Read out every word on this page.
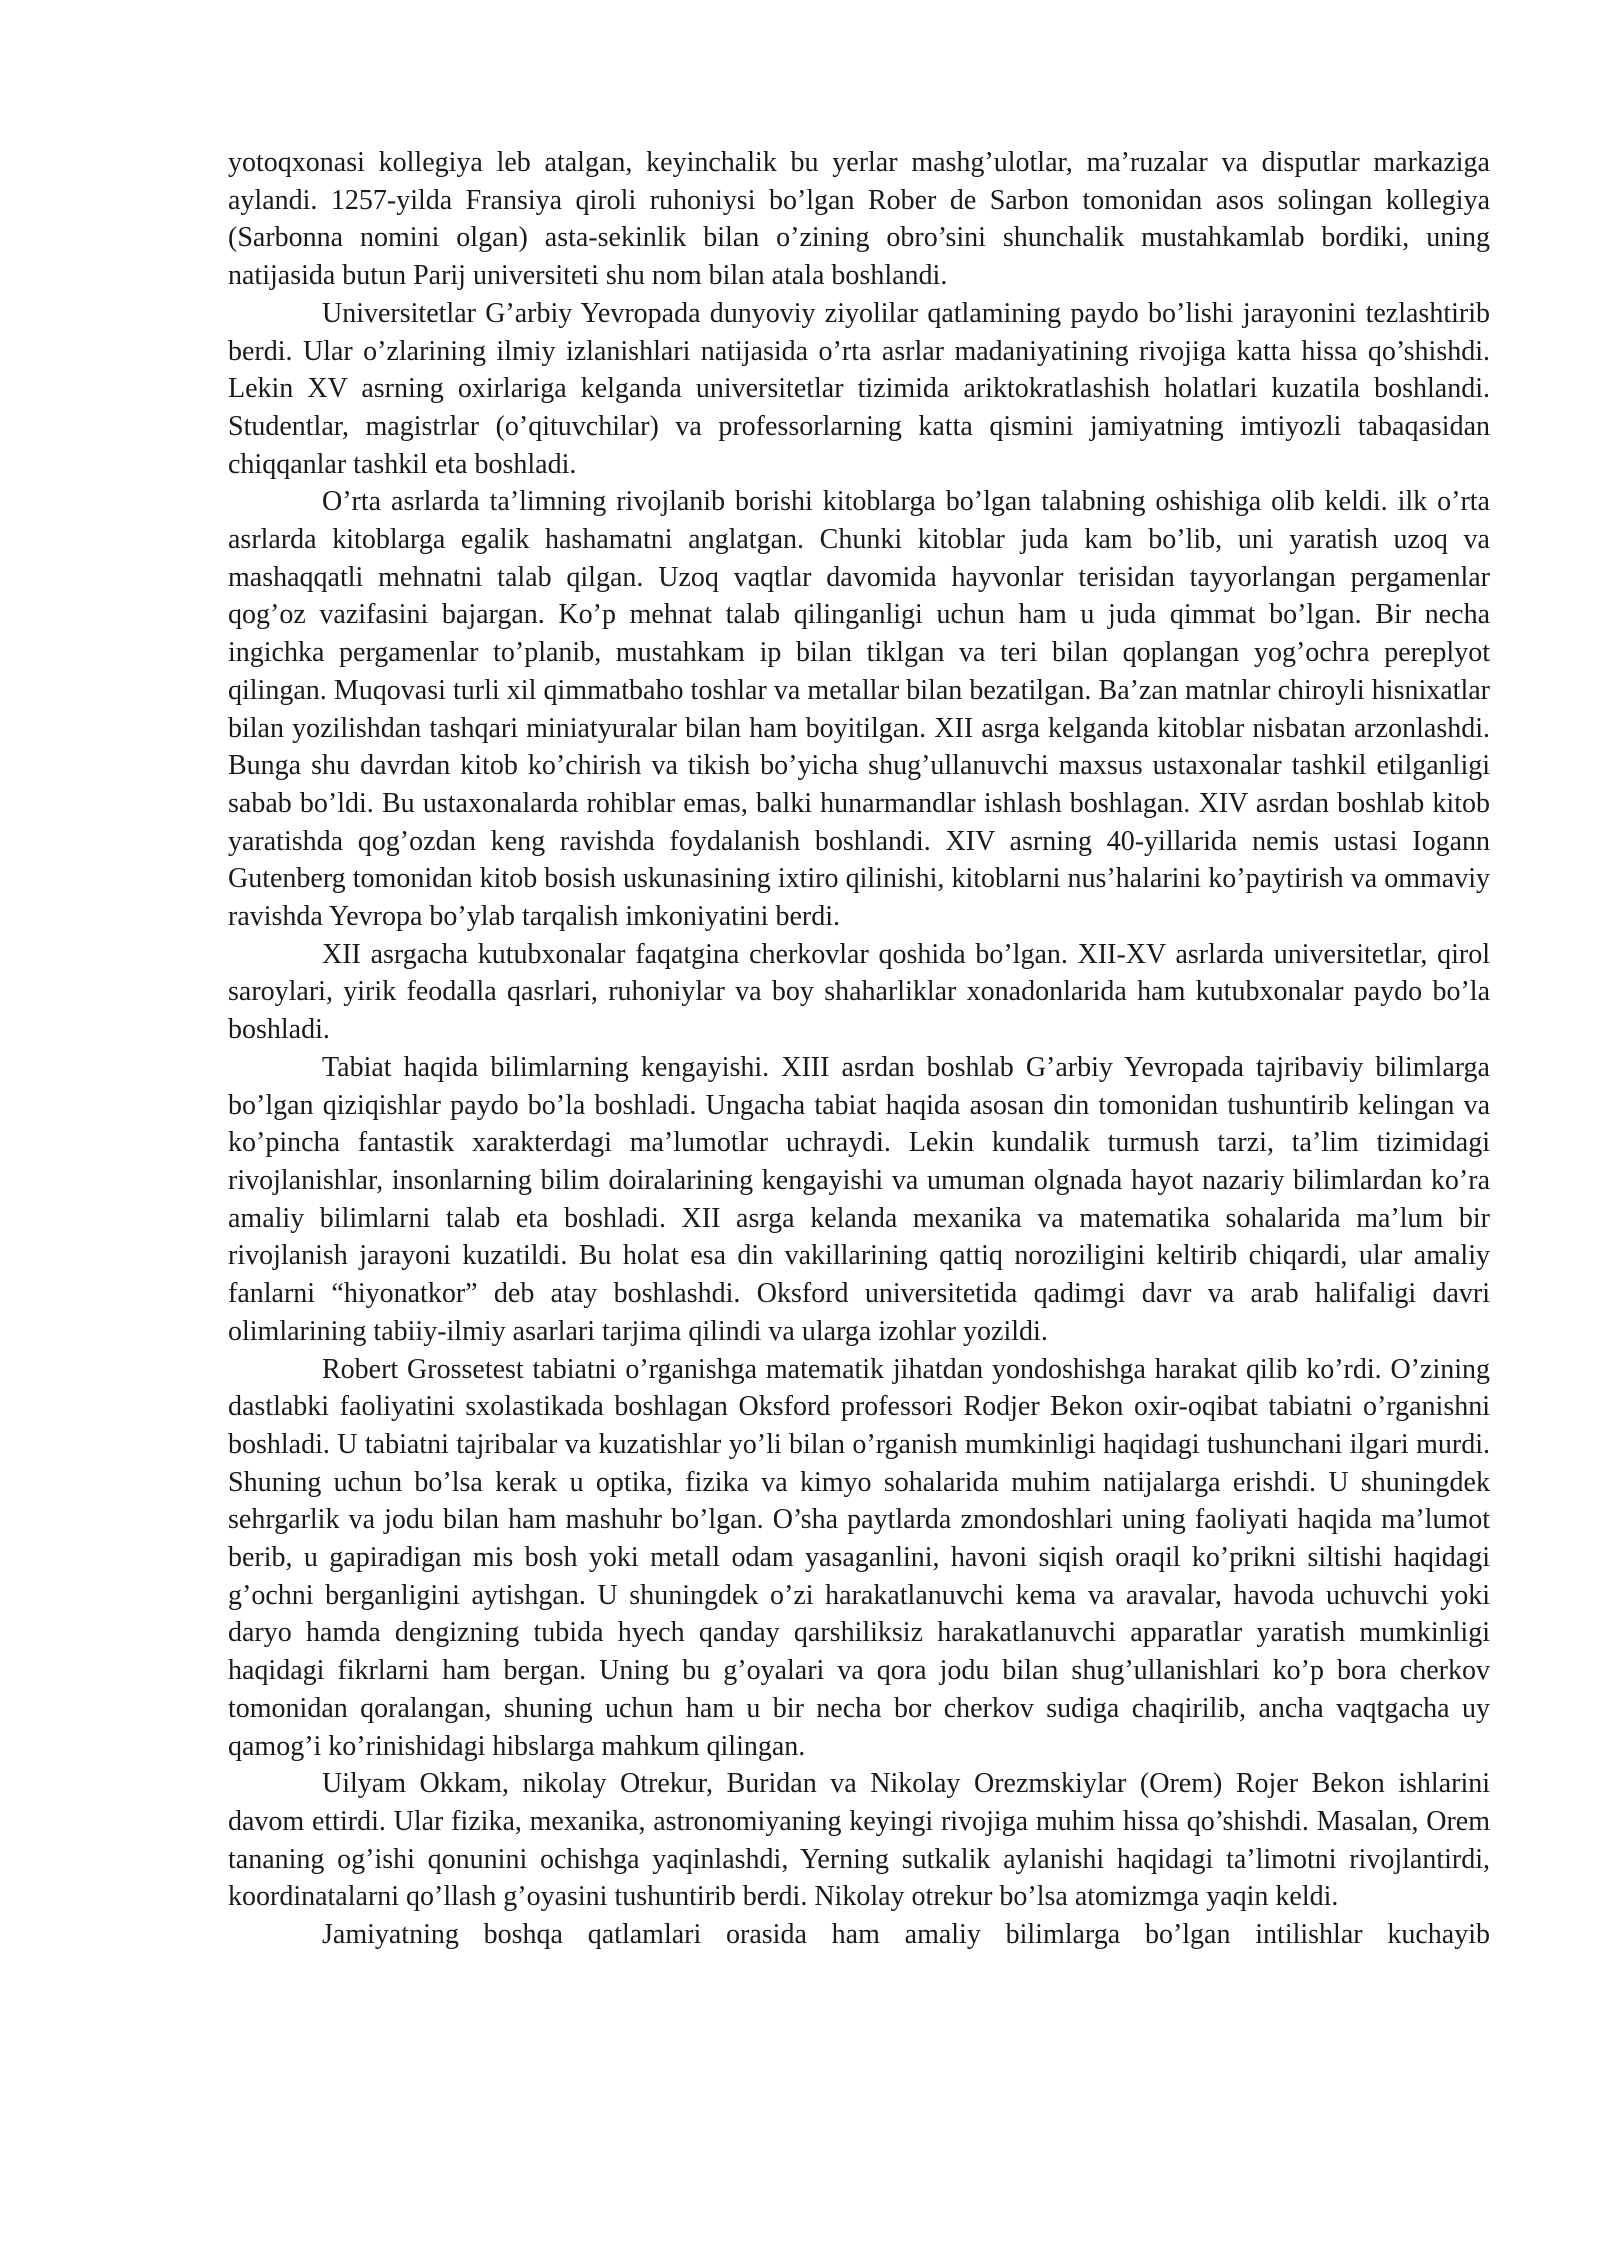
yotoqxonasi kollegiya leb atalgan, keyinchalik bu yerlar mashg’ulotlar, ma’ruzalar va disputlar markaziga aylandi. 1257-yilda Fransiya qiroli ruhoniysi bo’lgan Rober de Sarbon tomonidan asos solingan kollegiya (Sarbonna nomini olgan) asta-sekinlik bilan o’zining obro’sini shunchalik mustahkamlab bordiki, uning natijasida butun Parij universiteti shu nom bilan atala boshlandi.

Universitetlar G’arbiy Yevropada dunyoviy ziyolilar qatlamining paydo bo’lishi jarayonini tezlashtirib berdi. Ular o’zlarining ilmiy izlanishlari natijasida o’rta asrlar madaniyatining rivojiga katta hissa qo’shishdi. Lekin XV asrning oxirlariga kelganda universitetlar tizimida ariktokratlashish holatlari kuzatila boshlandi. Studentlar, magistrlar (o’qituvchilar) va professorlarning katta qismini jamiyatning imtiyozli tabaqasidan chiqqanlar tashkil eta boshladi.

O’rta asrlarda ta’limning rivojlanib borishi kitoblarga bo’lgan talabning oshishiga olib keldi. ilk o’rta asrlarda kitoblarga egalik hashamatni anglatgan. Chunki kitoblar juda kam bo’lib, uni yaratish uzoq va mashaqqatli mehnatni talab qilgan. Uzoq vaqtlar davomida hayvonlar terisidan tayyorlangan pergamenlar qog’oz vazifasini bajargan. Ko’p mehnat talab qilinganligi uchun ham u juda qimmat bo’lgan. Bir necha ingichka pergamenlar to’planib, mustahkam ip bilan tiklgan va teri bilan qoplangan yog’ochгa pereplyot qilingan. Muqovasi turli xil qimmatbaho toshlar va metallar bilan bezatilgan. Ba’zan matnlar chiroyli hisnixatlar bilan yozilishdan tashqari miniatyuralar bilan ham boyitilgan. XII asrga kelganda kitoblar nisbatan arzonlashdi. Bunga shu davrdan kitob ko’chirish va tikish bo’yicha shug’ullanuvchi maxsus ustaxonalar tashkil etilganligi sabab bo’ldi. Bu ustaxonalarda rohiblar emas, balki hunarmandlar ishlash boshlagan. XIV asrdan boshlab kitob yaratishda qog’ozdan keng ravishda foydalanish boshlandi. XIV asrning 40-yillarida nemis ustasi Iogann Gutenberg tomonidan kitob bosish uskunasining ixtiro qilinishi, kitoblarni nus’halarini ko’paytirish va ommaviy ravishda Yevropa bo’ylab tarqalish imkoniyatini berdi.

XII asrgacha kutubxonalar faqatgina cherkovlar qoshida bo’lgan. XII-XV asrlarda universitetlar, qirol saroylari, yirik feodalla qasrlari, ruhoniylar va boy shaharliklar xonadonlarida ham kutubxonalar paydo bo’la boshladi.

Tabiat haqida bilimlarning kengayishi. XIII asrdan boshlab G’arbiy Yevropada tajribaviy bilimlarga bo’lgan qiziqishlar paydo bo’la boshladi. Ungacha tabiat haqida asosan din tomonidan tushuntirib kelingan va ko’pincha fantastik xarakterdagi ma’lumotlar uchraydi. Lekin kundalik turmush tarzi, ta’lim tizimidagi rivojlanishlar, insonlarning bilim doiralarining kengayishi va umuman olgnada hayot nazariy bilimlardan ko’ra amaliy bilimlarni talab eta boshladi. XII asrga kelanda mexanika va matematika sohalarida ma’lum bir rivojlanish jarayoni kuzatildi. Bu holat esa din vakillarining qattiq noroziligini keltirib chiqardi, ular amaliy fanlarni “hiyonatkor” deb atay boshlashdi. Oksford universitetida qadimgi davr va arab halifaligi davri olimlarining tabiiy-ilmiy asarlari tarjima qilindi va ularga izohlar yozildi.

Robert Grossetest tabiatni o’rganishga matematik jihatdan yondoshishga harakat qilib ko’rdi. O’zining dastlabki faoliyatini sxolastikada boshlagan Oksford professori Rodjer Bekon oxir-oqibat tabiatni o’rganishni boshladi. U tabiatni tajribalar va kuzatishlar yo’li bilan o’rganish mumkinligi haqidagi tushunchani ilgari murdi. Shuning uchun bo’lsa kerak u optika, fizika va kimyo sohalarida muhim natijalarga erishdi. U shuningdek sehrgarlik va jodu bilan ham mashuhr bo’lgan. O’sha paytlarda zmondoshlari uning faoliyati haqida ma’lumot berib, u gapiradigan mis bosh yoki metall odam yasaganlini, havoni siqish oraqil ko’prikni siltishi haqidagi g’ochni berganligini aytishgan. U shuningdek o’zi harakatlanuvchi kema va aravalar, havoda uchuvchi yoki daryo hamda dengizning tubida hyech qanday qarshiliksiz harakatlanuvchi apparatlar yaratish mumkinligi haqidagi fikrlarni ham bergan. Uning bu g’oyalari va qora jodu bilan shug’ullanishlari ko’p bora cherkov tomonidan qoralangan, shuning uchun ham u bir necha bor cherkov sudiga chaqirilib, ancha vaqtgacha uy qamog’i ko’rinishidagi hibslarga mahkum qilingan.

Uilyam Okkam, nikolay Otrekur, Buridan va Nikolay Orezmskiylar (Orem) Rojer Bekon ishlarini davom ettirdi. Ular fizika, mexanika, astronomiyaning keyingi rivojiga muhim hissa qo’shishdi. Masalan, Orem tananing og’ishi qonunini ochishga yaqinlashdi, Yerning sutkalik aylanishi haqidagi ta’limotni rivojlantirdi, koordinatalarni qo’llash g’oyasini tushuntirib berdi. Nikolay otrekur bo’lsa atomizmga yaqin keldi.

Jamiyatning boshqa qatlamlari orasida ham amaliy bilimlarga bo’lgan intilishlar kuchayib
